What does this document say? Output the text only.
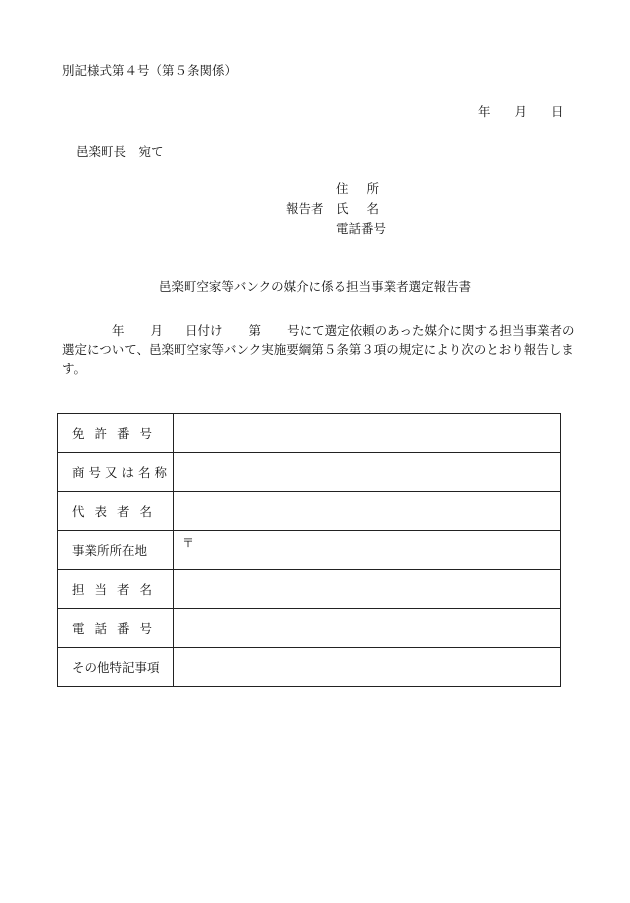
別記様式第４号（第５条関係）
年 月 日
邑楽町長　宛て
住所
報告者 氏名
電話番号
邑楽町空家等バンクの媒介に係る担当事業者選定報告書
年 月 日付け 第 号にて選定依頼のあった媒介に関する担当事業者の選定について、邑楽町空家等バンク実施要綱第５条第３項の規定により次のとおり報告します。
免許番号	
商号又は名称	
代表者名	
事業所所在地	〒

担当者名	
電話番号	
その他特記事項	
